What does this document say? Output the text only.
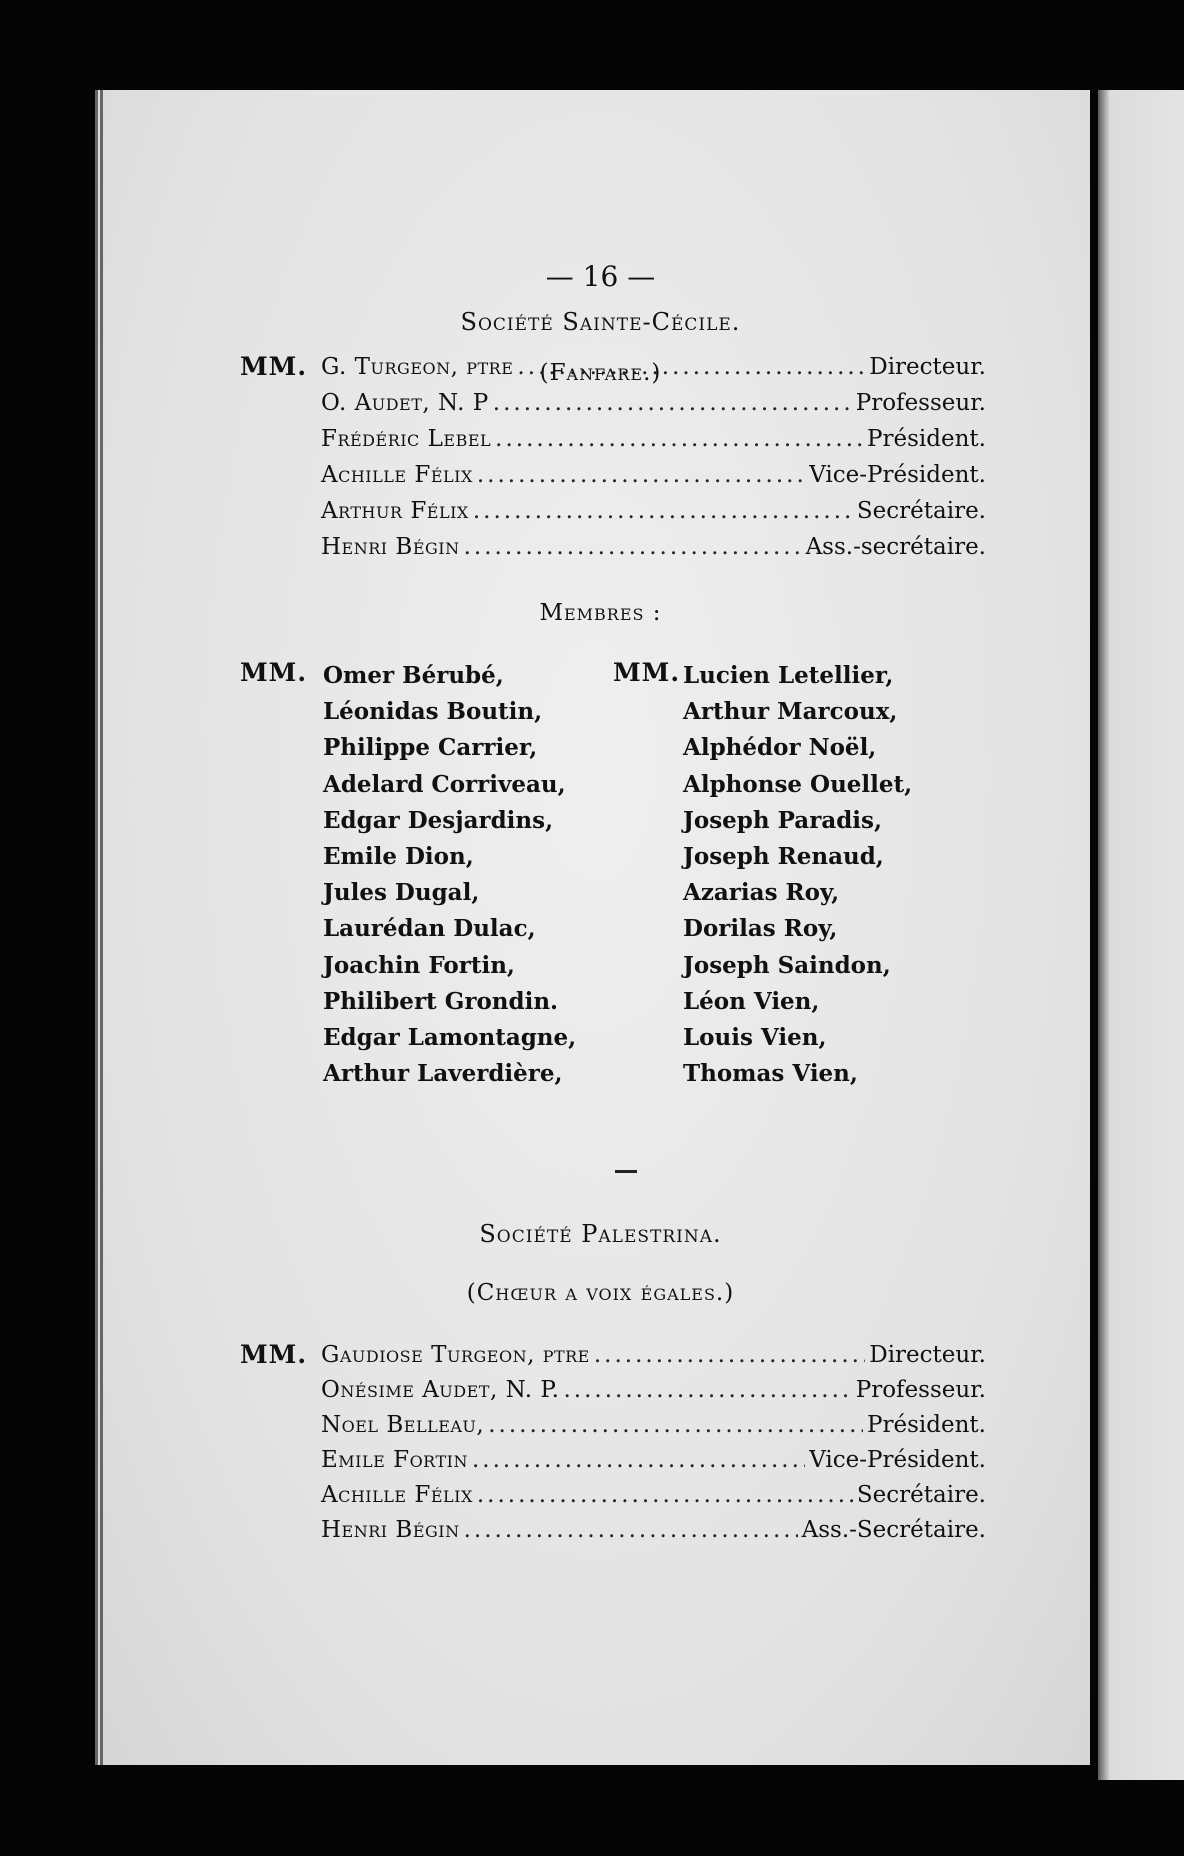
— 16 —
Société Sainte-Cécile.
(Fanfare.)
MM. G. Turgeon, ptre .....	Directeur.
O. Audet, N. P .....	Professeur.
Frédéric Lebel .....	Président.
Achille Félix .....	Vice-Président.
Arthur Félix .....	Secrétaire.
Henri Bégin .....	Ass.-secrétaire.
Membres :
MM. Omer Bérubé,
Léonidas Boutin,
Philippe Carrier,
Adelard Corriveau,
Edgar Desjardins,
Emile Dion,
Jules Dugal,
Laurédan Dulac,
Joachin Fortin,
Philibert Grondin.
Edgar Lamontagne,
Arthur Laverdière,
MM. Lucien Letellier,
Arthur Marcoux,
Alphédor Noël,
Alphonse Ouellet,
Joseph Paradis,
Joseph Renaud,
Azarias Roy,
Dorilas Roy,
Joseph Saindon,
Léon Vien,
Louis Vien,
Thomas Vien,
Société Palestrina.
(Chœur a voix égales.)
MM. Gaudiose Turgeon, ptre .....	Directeur.
Onésime Audet, N. P. .....	Professeur.
Noel Belleau, .....	Président.
Emile Fortin .....	Vice-Président.
Achille Félix .....	Secrétaire.
Henri Bégin .....	Ass.-Secrétaire.
